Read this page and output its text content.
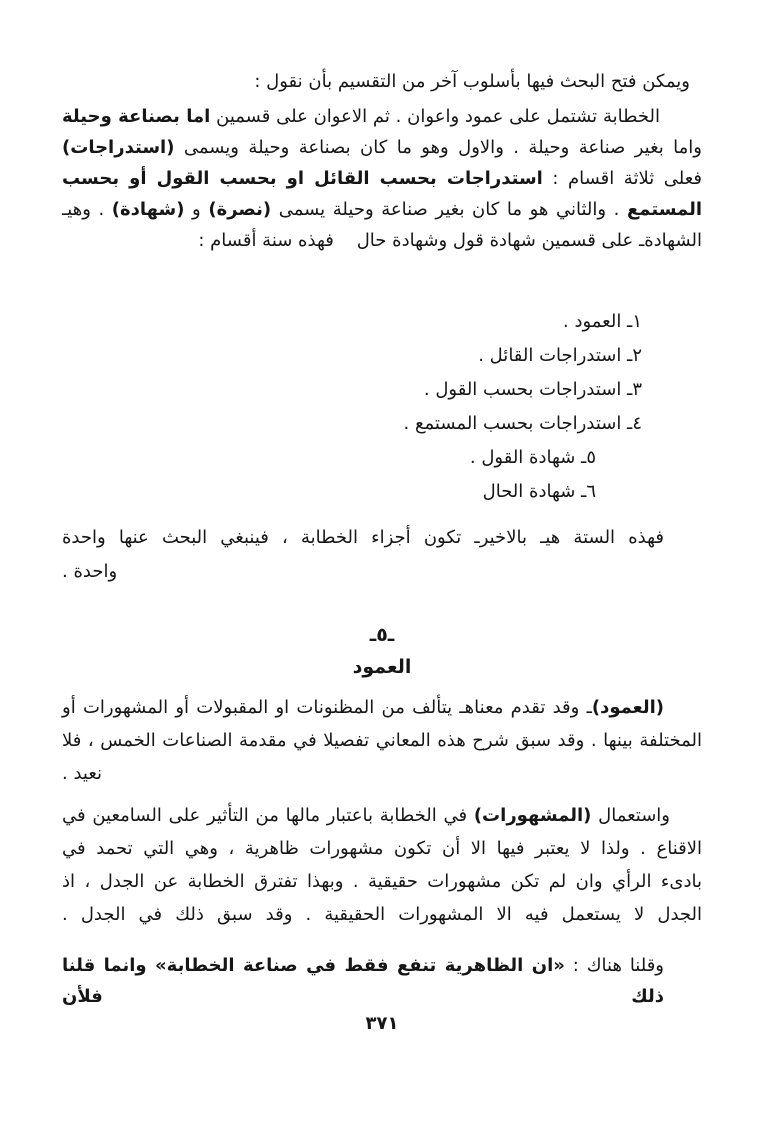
ويمكن فتح البحث فيها بأسلوب آخر من التقسيم بأن نقول :
الخطابة تشتمل على عمود واعوان . ثم الاعوان على قسمين اما بصناعة وحيلة
واما بغير صناعة وحيلة . والاول وهو ما كان بصناعة وحيلة ويسمى (استدراجات)
فعلى ثلاثة اقسام : استدراجات بحسب القائل او بحسب القول أو بحسب
المستمع . والثاني هو ما كان بغير صناعة وحيلة يسمى (نصرة) و (شهادة) . وهيـ
الشهادةـ على قسمين شهادة قول وشهادة حال    فهذه سنة أقسام :
١ـ العمود .
٢ـ استدراجات القائل .
٣ـ استدراجات بحسب القول .
٤ـ استدراجات بحسب المستمع .
٥ـ شهادة القول .
٦ـ شهادة الحال
فهذه الستة هيـ بالاخيرـ تكون أجزاء الخطابة ، فينبغي البحث عنها واحدة
واحدة .
ـ٥ـ
العمود
(العمود)ـ وقد تقدم معناهـ يتألف من المظنونات او المقبولات أو المشهورات أو
المختلفة بينها . وقد سبق شرح هذه المعاني تفصيلا في مقدمة الصناعات الخمس ، فلا
نعيد .
واستعمال (المشهورات) في الخطابة باعتبار مالها من التأثير على السامعين في
الاقناع . ولذا لا يعتبر فيها الا أن تكون مشهورات ظاهرية ، وهي التي تحمد في
بادىء الرأي وان لم تكن مشهورات حقيقية . وبهذا تفترق الخطابة عن الجدل ، اذ
الجدل لا يستعمل فيه الا المشهورات الحقيقية . وقد سبق ذلك في الجدل .
وقلنا هناك : «ان الظاهرية تنفع فقط في صناعة الخطابة» وانما قلنا ذلك فلأن
٣٧١
